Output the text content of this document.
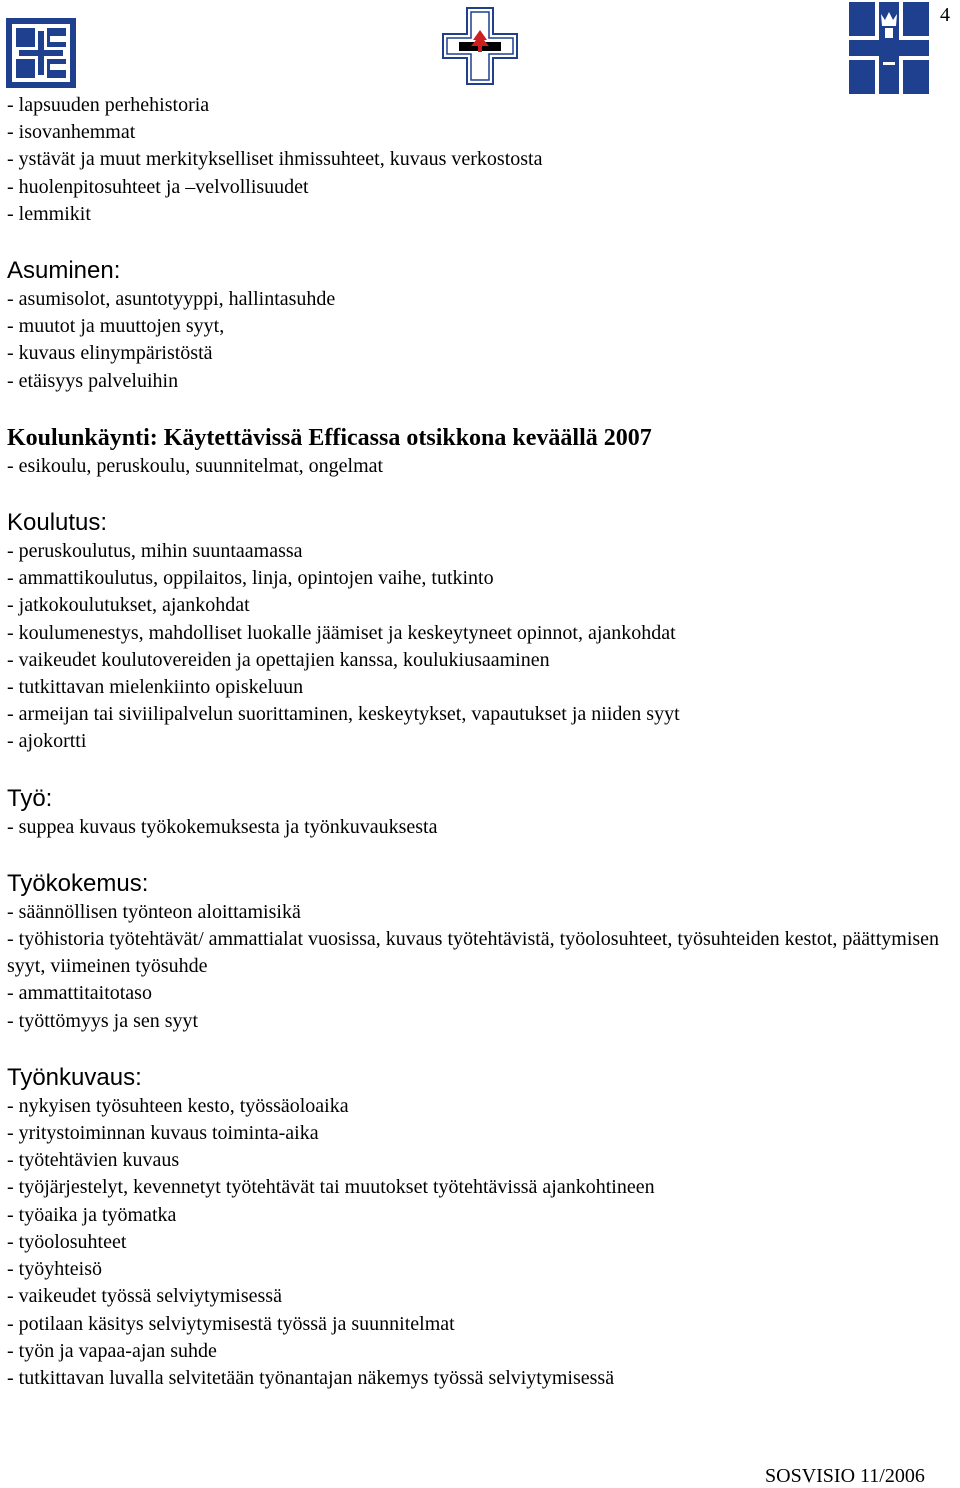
4

- lapsuuden perhehistoria

- isovanhemmat

- ystävät ja muut merkitykselliset ihmissuhteet, kuvaus verkostosta

- huolenpitosuhteet ja –velvollisuudet

- lemmikit

Asuminen:

- asumisolot, asuntotyyppi, hallintasuhde

- muutot ja muuttojen syyt,

- kuvaus elinympäristöstä

- etäisyys palveluihin

Koulunkäynti: Käytettävissä Efficassa otsikkona keväällä 2007

- esikoulu, peruskoulu, suunnitelmat, ongelmat

Koulutus:

- peruskoulutus, mihin suuntaamassa

- ammattikoulutus, oppilaitos, linja, opintojen vaihe, tutkinto

- jatkokoulutukset, ajankohdat

- koulumenestys, mahdolliset luokalle jäämiset ja keskeytyneet opinnot, ajankohdat

- vaikeudet koulutovereiden ja opettajien kanssa, koulukiusaaminen

- tutkittavan mielenkiinto opiskeluun

- armeijan tai siviilipalvelun suorittaminen, keskeytykset, vapautukset ja niiden syyt

- ajokortti

Työ:

- suppea kuvaus työkokemuksesta ja työnkuvauksesta

Työkokemus:

- säännöllisen työnteon aloittamisikä

- työhistoria työtehtävät/ ammattialat vuosissa, kuvaus työtehtävistä, työolosuhteet, työsuhteiden kestot, päättymisen syyt, viimeinen työsuhde

- ammattitaitotaso

- työttömyys ja sen syyt

Työnkuvaus:

- nykyisen työsuhteen kesto, työssäoloaika

- yritystoiminnan kuvaus toiminta-aika

- työtehtävien kuvaus

- työjärjestelyt, kevennetyt työtehtävät tai muutokset työtehtävissä ajankohtineen

- työaika ja työmatka

- työolosuhteet

- työyhteisö

- vaikeudet työssä selviytymisessä

- potilaan käsitys selviytymisestä työssä ja suunnitelmat

- työn ja vapaa-ajan suhde

- tutkittavan luvalla selvitetään työnantajan näkemys työssä selviytymisessä

SOSVISIO 11/2006
